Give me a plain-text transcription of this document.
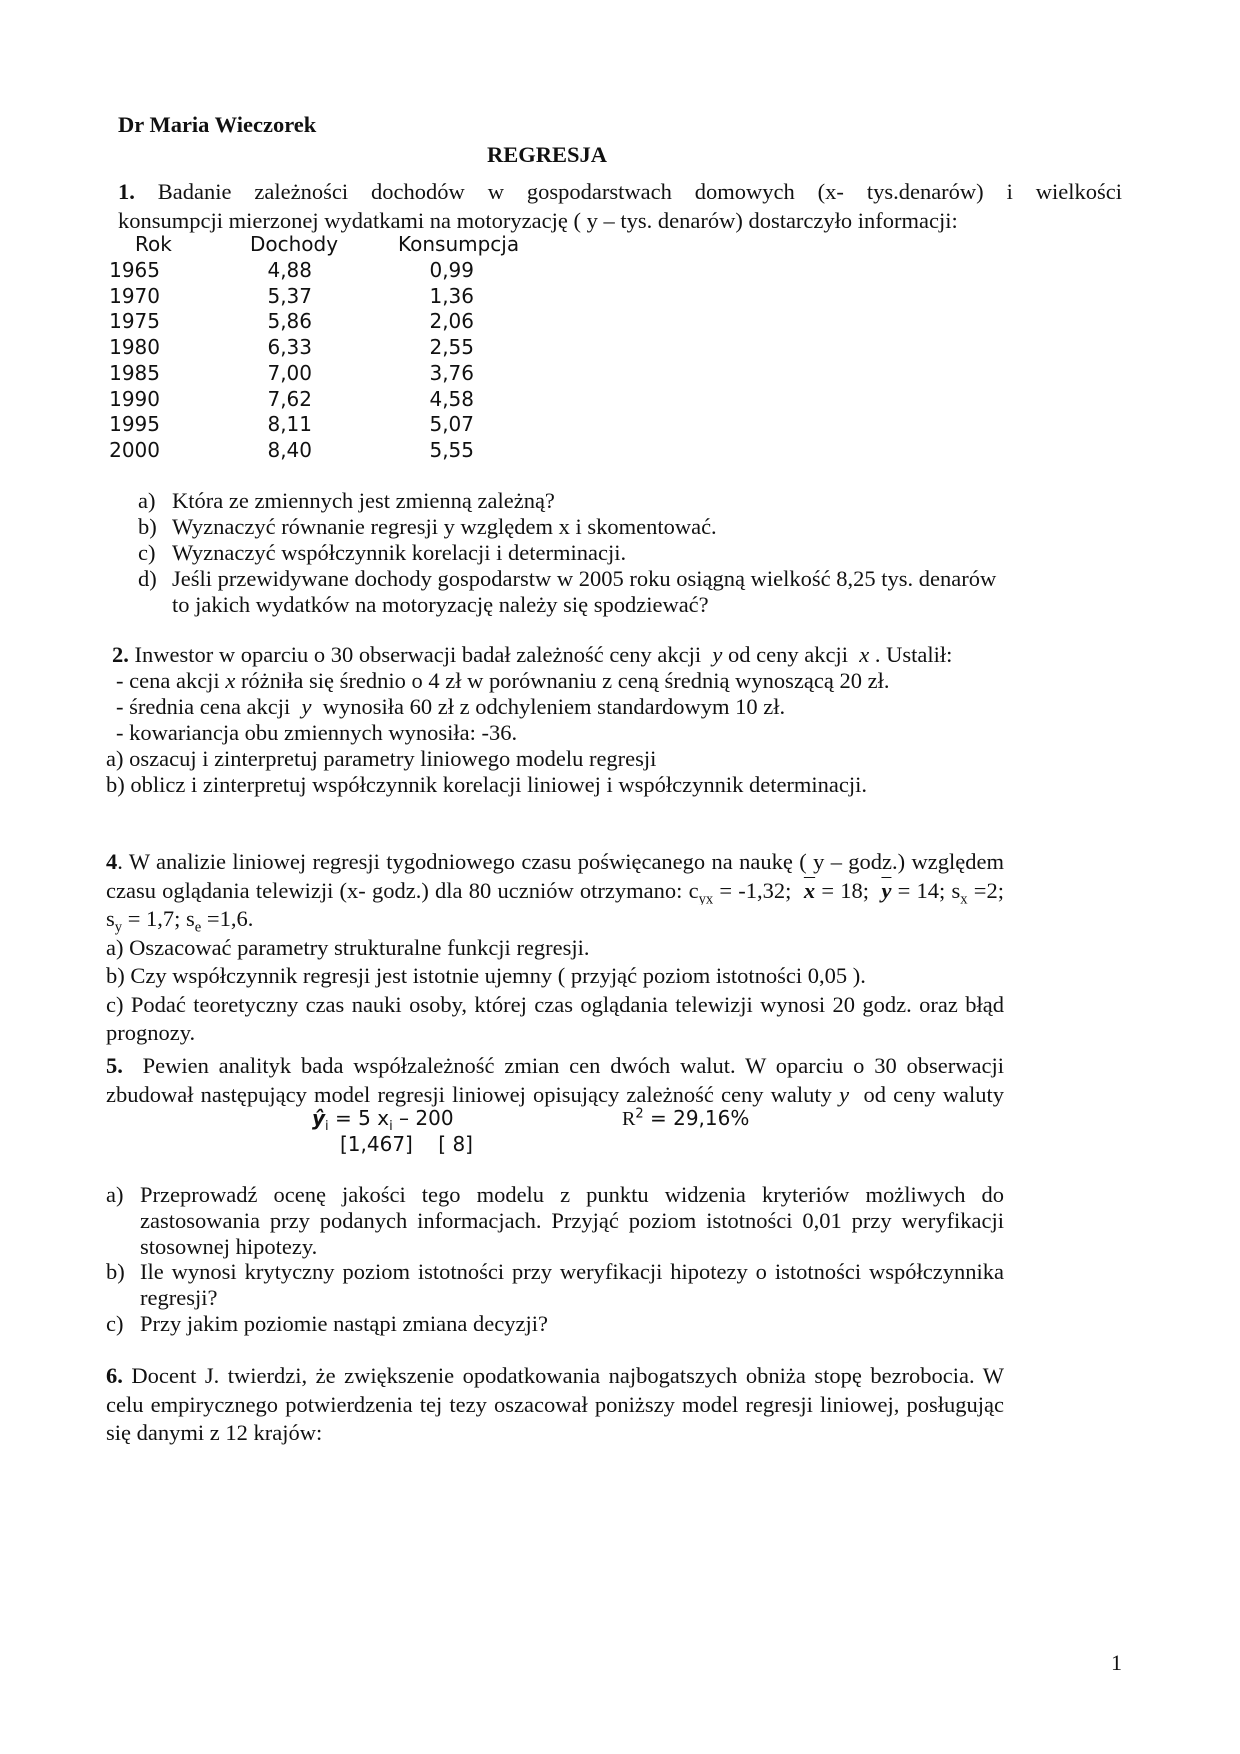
Dr Maria Wieczorek
REGRESJA
1. Badanie zależności dochodów w gospodarstwach domowych (x- tys.denarów) i wielkości
konsumpcji mierzonej wydatkami na motoryzację ( y – tys. denarów) dostarczyło informacji:
Rok	Dochody	Konsumpcja
1965	4,88	0,99
1970	5,37	1,36
1975	5,86	2,06
1980	6,33	2,55
1985	7,00	3,76
1990	7,62	4,58
1995	8,11	5,07
2000	8,40	5,55
a) Która ze zmiennych jest zmienną zależną?
b) Wyznaczyć równanie regresji y względem x i skomentować.
c) Wyznaczyć współczynnik korelacji i determinacji.
d) Jeśli przewidywane dochody gospodarstw w 2005 roku osiągną wielkość 8,25 tys. denarów
to jakich wydatków na motoryzację należy się spodziewać?
2. Inwestor w oparciu o 30 obserwacji badał zależność ceny akcji y od ceny akcji x . Ustalił:
- cena akcji x różniła się średnio o 4 zł w porównaniu z ceną średnią wynoszącą 20 zł.
- średnia cena akcji y wynosiła 60 zł z odchyleniem standardowym 10 zł.
- kowariancja obu zmiennych wynosiła: -36.
a) oszacuj i zinterpretuj parametry liniowego modelu regresji
b) oblicz i zinterpretuj współczynnik korelacji liniowej i współczynnik determinacji.
4. W analizie liniowej regresji tygodniowego czasu poświęcanego na naukę ( y – godz.) względem
czasu oglądania telewizji (x- godz.) dla 80 uczniów otrzymano: $c_{yx} = -1,32$; $\overline{x} = 18$; $\overline{y} = 14$; $s_x =2$;
$s_y = 1,7$; $s_e =1,6$.
a) Oszacować parametry strukturalne funkcji regresji.
b) Czy współczynnik regresji jest istotnie ujemny ( przyjąć poziom istotności 0,05 ).
c) Podać teoretyczny czas nauki osoby, której czas oglądania telewizji wynosi 20 godz. oraz błąd
prognozy.
5. Pewien analityk bada współzależność zmian cen dwóch walut. W oparciu o 30 obserwacji
zbudował następujący model regresji liniowej opisujący zależność ceny waluty y od ceny waluty
$ŷ_i = 5$ $x_i - 200$	$R^2 = 29,16\%$
[1,467]    [ 8]
a) Przeprowadź ocenę jakości tego modelu z punktu widzenia kryteriów możliwych do
zastosowania przy podanych informacjach. Przyjąć poziom istotności 0,01 przy weryfikacji
stosownej hipotezy.
b) Ile wynosi krytyczny poziom istotności przy weryfikacji hipotezy o istotności współczynnika
regresji?
c) Przy jakim poziomie nastąpi zmiana decyzji?
6. Docent J. twierdzi, że zwiększenie opodatkowania najbogatszych obniża stopę bezrobocia. W
celu empirycznego potwierdzenia tej tezy oszacował poniższy model regresji liniowej, posługując
się danymi z 12 krajów:
1
